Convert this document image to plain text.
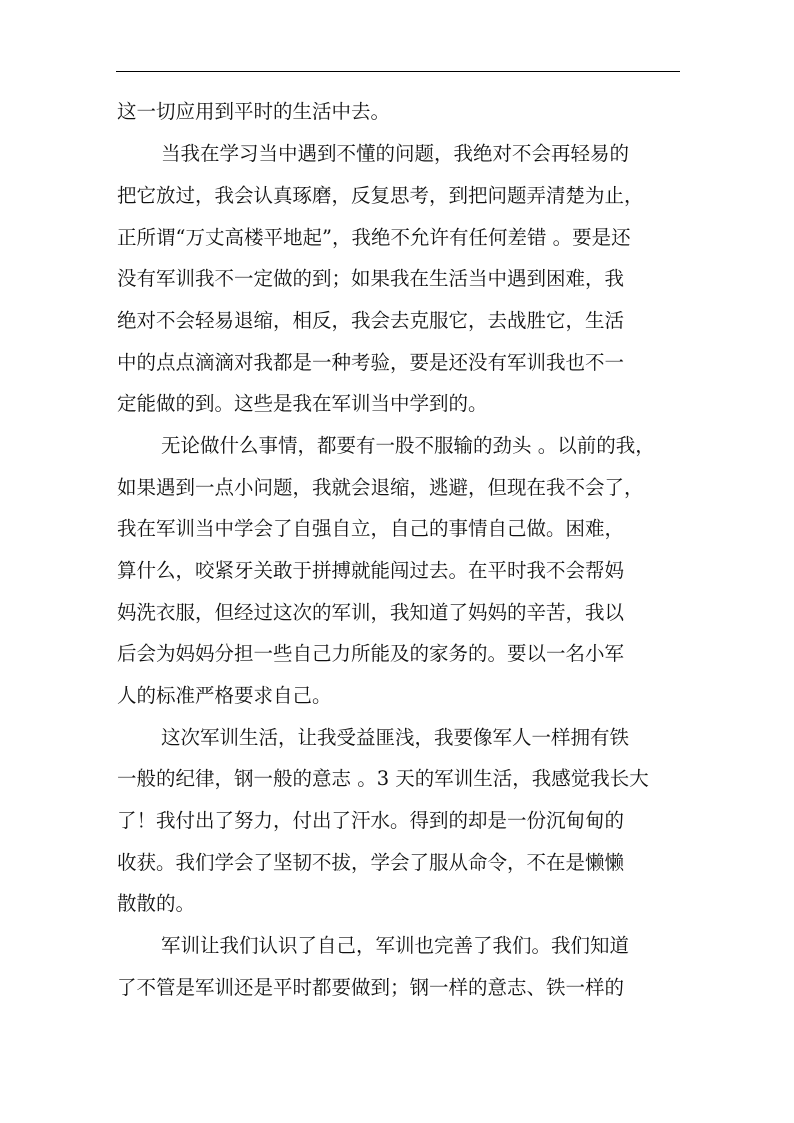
这一切应用到平时的生活中去。
当我在学习当中遇到不懂的问题，我绝对不会再轻易的
把它放过，我会认真琢磨，反复思考，到把问题弄清楚为止，
正所谓“万丈高楼平地起”，我绝不允许有任何差错 。要是还
没有军训我不一定做的到；如果我在生活当中遇到困难，我
绝对不会轻易退缩，相反，我会去克服它，去战胜它，生活
中的点点滴滴对我都是一种考验，要是还没有军训我也不一
定能做的到。这些是我在军训当中学到的。
无论做什么事情，都要有一股不服输的劲头 。以前的我，
如果遇到一点小问题，我就会退缩，逃避，但现在我不会了，
我在军训当中学会了自强自立，自己的事情自己做。困难，
算什么，咬紧牙关敢于拼搏就能闯过去。在平时我不会帮妈
妈洗衣服，但经过这次的军训，我知道了妈妈的辛苦，我以
后会为妈妈分担一些自己力所能及的家务的。要以一名小军
人的标准严格要求自己。
这次军训生活，让我受益匪浅，我要像军人一样拥有铁
一般的纪律，钢一般的意志 。3 天的军训生活，我感觉我长大
了！我付出了努力，付出了汗水。得到的却是一份沉甸甸的
收获。我们学会了坚韧不拔，学会了服从命令，不在是懒懒
散散的。
军训让我们认识了自己，军训也完善了我们。我们知道
了不管是军训还是平时都要做到；钢一样的意志、铁一样的
